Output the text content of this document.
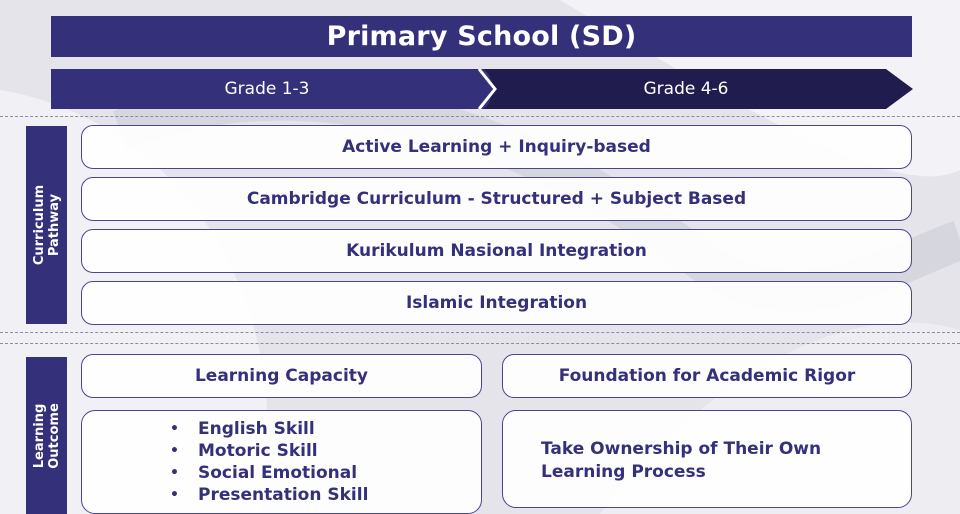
Primary School (SD)
Grade 1-3	Grade 4-6
Curriculum Pathway
Active Learning + Inquiry-based
Cambridge Curriculum - Structured + Subject Based
Kurikulum Nasional Integration
Islamic Integration
Learning Outcome
Learning Capacity	Foundation for Academic Rigor
• English Skill
• Motoric Skill
• Social Emotional
• Presentation Skill
Take Ownership of Their Own
Learning Process
